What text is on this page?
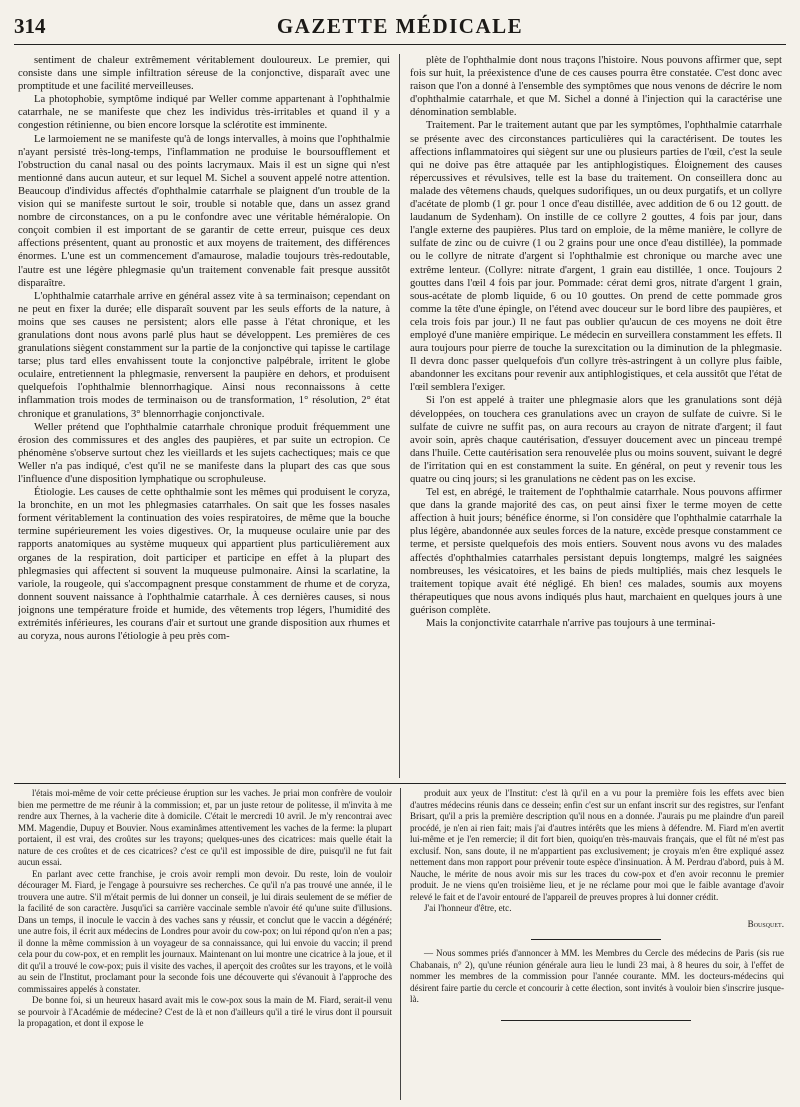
314	GAZETTE MÉDICALE

sentiment de chaleur extrêmement véritablement douloureux. Le premier, qui consiste dans une simple infiltration séreuse de la conjonctive, disparaît avec une promptitude et une facilité merveilleuses.

La photophobie, symptôme indiqué par Weller comme appartenant à l'ophthalmie catarrhale, ne se manifeste que chez les individus très-irritables et quand il y a congestion rétinienne, ou bien encore lorsque la sclérotite est imminente.

Le larmoiement ne se manifeste qu'à de longs intervalles, à moins que l'ophthalmie n'ayant persisté très-long-temps, l'inflammation ne produise le boursoufflement et l'obstruction du canal nasal ou des points lacrymaux. Mais il est un signe qui n'est mentionné dans aucun auteur, et sur lequel M. Sichel a souvent appelé notre attention. Beaucoup d'individus affectés d'ophthalmie catarrhale se plaignent d'un trouble de la vision qui se manifeste surtout le soir, trouble si notable que, dans un assez grand nombre de circonstances, on a pu le confondre avec une véritable héméralopie. On conçoit combien il est important de se garantir de cette erreur, puisque ces deux affections présentent, quant au pronostic et aux moyens de traitement, des différences énormes. L'une est un commencement d'amaurose, maladie toujours très-redoutable, l'autre est une légère phlegmasie qu'un traitement convenable fait presque aussitôt disparaître.

L'ophthalmie catarrhale arrive en général assez vite à sa terminaison; cependant on ne peut en fixer la durée; elle disparaît souvent par les seuls efforts de la nature, à moins que ses causes ne persistent; alors elle passe à l'état chronique, et les granulations dont nous avons parlé plus haut se développent. Les premières de ces granulations siègent constamment sur la partie de la conjonctive qui tapisse le cartilage tarse; plus tard elles envahissent toute la conjonctive palpébrale, irritent le globe oculaire, entretiennent la phlegmasie, renversent la paupière en dehors, et produisent quelquefois l'ophthalmie blennorrhagique. Ainsi nous reconnaissons à cette inflammation trois modes de terminaison ou de transformation, 1° résolution, 2° état chronique et granulations, 3° blennorrhagie conjonctivale.

Weller prétend que l'ophthalmie catarrhale chronique produit fréquemment une érosion des commissures et des angles des paupières, et par suite un ectropion. Ce phénomène s'observe surtout chez les vieillards et les sujets cachectiques; mais ce que Weller n'a pas indiqué, c'est qu'il ne se manifeste dans la plupart des cas que sous l'influence d'une disposition lymphatique ou scrophuleuse.

Étiologie. Les causes de cette ophthalmie sont les mêmes qui produisent le coryza, la bronchite, en un mot les phlegmasies catarrhales. On sait que les fosses nasales forment véritablement la continuation des voies respiratoires, de même que la bouche termine supérieurement les voies digestives. Or, la muqueuse oculaire unie par des rapports anatomiques au système muqueux qui appartient plus particulièrement aux organes de la respiration, doit participer et participe en effet à la plupart des phlegmasies qui affectent si souvent la muqueuse pulmonaire. Ainsi la scarlatine, la variole, la rougeole, qui s'accompagnent presque constamment de rhume et de coryza, donnent souvent naissance à l'ophthalmie catarrhale. À ces dernières causes, si nous joignons une température froide et humide, des vêtements trop légers, l'humidité des extrémités inférieures, les courans d'air et surtout une grande disposition aux rhumes et au coryza, nous aurons l'étiologie à peu près com-

plète de l'ophthalmie dont nous traçons l'histoire. Nous pouvons affirmer que, sept fois sur huit, la préexistence d'une de ces causes pourra être constatée. C'est donc avec raison que l'on a donné à l'ensemble des symptômes que nous venons de décrire le nom d'ophthalmie catarrhale, et que M. Sichel a donné à l'injection qui la caractérise une dénomination semblable.

Traitement. Par le traitement autant que par les symptômes, l'ophthalmie catarrhale se présente avec des circonstances particulières qui la caractérisent. De toutes les affections inflammatoires qui siègent sur une ou plusieurs parties de l'œil, c'est la seule qui ne doive pas être attaquée par les antiphlogistiques. Éloignement des causes répercussives et révulsives, telle est la base du traitement. On conseillera donc au malade des vêtemens chauds, quelques sudorifiques, un ou deux purgatifs, et un collyre d'acétate de plomb (1 gr. pour 1 once d'eau distillée, avec addition de 6 ou 12 goutt. de laudanum de Sydenham). On instille de ce collyre 2 gouttes, 4 fois par jour, dans l'angle externe des paupières. Plus tard on emploie, de la même manière, le collyre de sulfate de zinc ou de cuivre (1 ou 2 grains pour une once d'eau distillée), la pommade ou le collyre de nitrate d'argent si l'ophthalmie est chronique ou marche avec une extrême lenteur. (Collyre: nitrate d'argent, 1 grain eau distillée, 1 once. Toujours 2 gouttes dans l'œil 4 fois par jour. Pommade: cérat demi gros, nitrate d'argent 1 grain, sous-acétate de plomb liquide, 6 ou 10 gouttes. On prend de cette pommade gros comme la tête d'une épingle, on l'étend avec douceur sur le bord libre des paupières, et cela trois fois par jour.) Il ne faut pas oublier qu'aucun de ces moyens ne doit être employé d'une manière empirique. Le médecin en surveillera constamment les effets. Il aura toujours pour pierre de touche la surexcitation ou la diminution de la phlegmasie. Il devra donc passer quelquefois d'un collyre très-astringent à un collyre plus faible, abandonner les excitans pour revenir aux antiphlogistiques, et cela aussitôt que l'état de l'œil semblera l'exiger.

Si l'on est appelé à traiter une phlegmasie alors que les granulations sont déjà développées, on touchera ces granulations avec un crayon de sulfate de cuivre. Si le sulfate de cuivre ne suffit pas, on aura recours au crayon de nitrate d'argent; il faut avoir soin, après chaque cautérisation, d'essuyer doucement avec un pinceau trempé dans l'huile. Cette cautérisation sera renouvelée plus ou moins souvent, suivant le degré de l'irritation qui en est constamment la suite. En général, on peut y revenir tous les quatre ou cinq jours; si les granulations ne cèdent pas on les excise.

Tel est, en abrégé, le traitement de l'ophthalmie catarrhale. Nous pouvons affirmer que dans la grande majorité des cas, on peut ainsi fixer le terme moyen de cette affection à huit jours; bénéfice énorme, si l'on considère que l'ophthalmie catarrhale la plus légère, abandonnée aux seules forces de la nature, excède presque constamment ce terme, et persiste quelquefois des mois entiers. Souvent nous avons vu des malades affectés d'ophthalmies catarrhales persistant depuis longtemps, malgré les saignées nombreuses, les vésicatoires, et les bains de pieds multipliés, mais chez lesquels le traitement topique avait été négligé. Eh bien! ces malades, soumis aux moyens thérapeutiques que nous avons indiqués plus haut, marchaient en quelques jours à une guérison complète.

Mais la conjonctivite catarrhale n'arrive pas toujours à une terminai-

l'étais moi-même de voir cette précieuse éruption sur les vaches. Je priai mon confrère de vouloir bien me permettre de me réunir à la commission; et, par un juste retour de politesse, il m'invita à me rendre aux Thernes, à la vacherie dite à domicile. C'était le mercredi 10 avril. Je m'y rencontrai avec MM. Magendie, Dupuy et Bouvier. Nous examinâmes attentivement les vaches de la ferme: la plupart portaient, il est vrai, des croûtes sur les trayons; quelques-unes des cicatrices: mais quelle était la nature de ces croûtes et de ces cicatrices? c'est ce qu'il est impossible de dire, puisqu'il ne fut fait aucun essai.

En parlant avec cette franchise, je crois avoir rempli mon devoir. Du reste, loin de vouloir décourager M. Fiard, je l'engage à poursuivre ses recherches. Ce qu'il n'a pas trouvé une année, il le trouvera une autre. S'il m'était permis de lui donner un conseil, je lui dirais seulement de se méfier de la facilité de son caractère. Jusqu'ici sa carrière vaccinale semble n'avoir été qu'une suite d'illusions. Dans un temps, il inocule le vaccin à des vaches sans y réussir, et conclut que le vaccin a dégénéré; une autre fois, il écrit aux médecins de Londres pour avoir du cow-pox; on lui répond qu'on n'en a pas; il donne la même commission à un voyageur de sa connaissance, qui lui envoie du vaccin; il prend cela pour du cow-pox, et en remplit les journaux. Maintenant on lui montre une cicatrice à la joue, et il dit qu'il a trouvé le cow-pox; puis il visite des vaches, il aperçoit des croûtes sur les trayons, et le voilà au sein de l'Institut, proclamant pour la seconde fois une découverte qui s'évanouit à l'approche des commissaires appelés à constater.

De bonne foi, si un heureux hasard avait mis le cow-pox sous la main de M. Fiard, serait-il venu se pourvoir à l'Académie de médecine? C'est de là et non d'ailleurs qu'il a tiré le virus dont il poursuit la propagation, et dont il expose le

produit aux yeux de l'Institut: c'est là qu'il en a vu pour la première fois les effets avec bien d'autres médecins réunis dans ce dessein; enfin c'est sur un enfant inscrit sur des registres, sur l'enfant Brisart, qu'il a pris la première description qu'il nous en a donnée. J'aurais pu me plaindre d'un pareil procédé, je n'en ai rien fait; mais j'ai d'autres intérêts que les miens à défendre. M. Fiard m'en avertit lui-même et je l'en remercie; il dit fort bien, quoiqu'en très-mauvais français, que el fût né m'est pas exclusif. Non, sans doute, il ne m'appartient pas exclusivement; je croyais m'en être expliqué assez nettement dans mon rapport pour prévenir toute espèce d'insinuation. À M. Perdrau d'abord, puis à M. Nauche, le mérite de nous avoir mis sur les traces du cow-pox et d'en avoir reconnu le premier produit. Je ne viens qu'en troisième lieu, et je ne réclame pour moi que le faible avantage d'avoir relevé le fait et de l'avoir entouré de l'appareil de preuves propres à lui donner crédit.

J'ai l'honneur d'être, etc.

Bousquet.

— Nous sommes priés d'annoncer à MM. les Membres du Cercle des médecins de Paris (sis rue Chabanais, n° 2), qu'une réunion générale aura lieu le lundi 23 mai, à 8 heures du soir, à l'effet de nommer les membres de la commission pour l'année courante. MM. les docteurs-médecins qui désirent faire partie du cercle et concourir à cette élection, sont invités à vouloir bien s'inscrire jusque-là.
